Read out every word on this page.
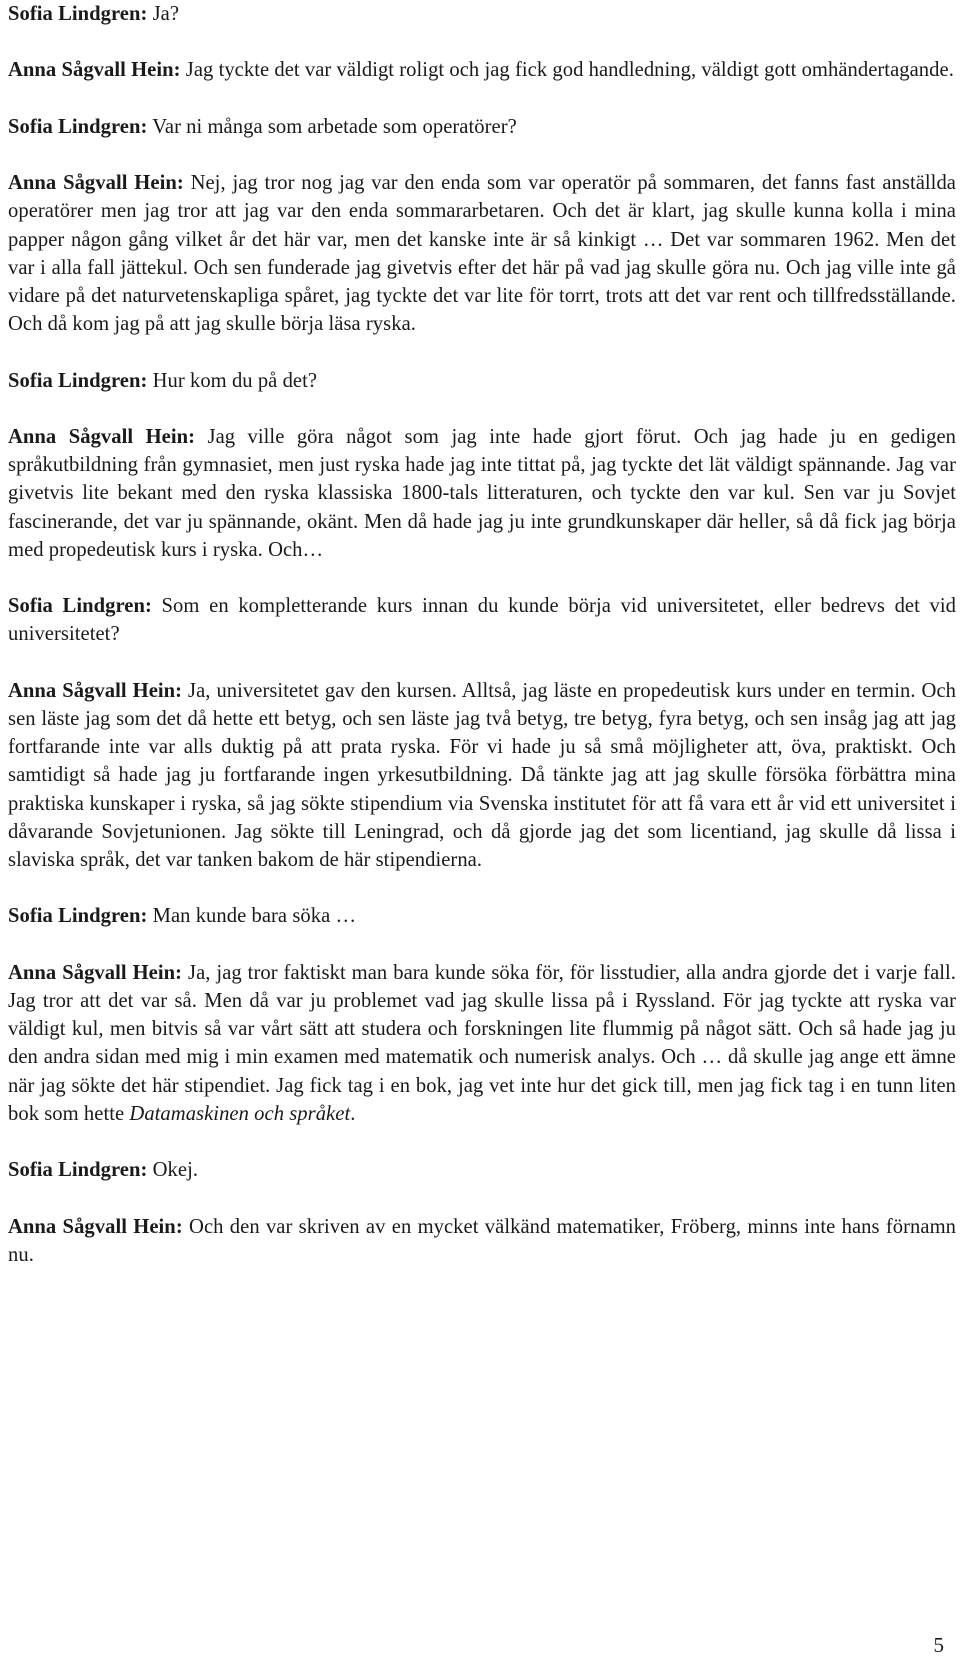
Sofia Lindgren: Ja?

Anna Sågvall Hein: Jag tyckte det var väldigt roligt och jag fick god handledning, väldigt gott omhändertagande.

Sofia Lindgren: Var ni många som arbetade som operatörer?

Anna Sågvall Hein: Nej, jag tror nog jag var den enda som var operatör på sommaren, det fanns fast anställda operatörer men jag tror att jag var den enda sommararbetaren. Och det är klart, jag skulle kunna kolla i mina papper någon gång vilket år det här var, men det kanske inte är så kinkigt … Det var sommaren 1962. Men det var i alla fall jättekul. Och sen funderade jag givetvis efter det här på vad jag skulle göra nu. Och jag ville inte gå vidare på det naturvetenskapliga spåret, jag tyckte det var lite för torrt, trots att det var rent och tillfredsställande. Och då kom jag på att jag skulle börja läsa ryska.

Sofia Lindgren: Hur kom du på det?

Anna Sågvall Hein: Jag ville göra något som jag inte hade gjort förut. Och jag hade ju en gedigen språkutbildning från gymnasiet, men just ryska hade jag inte tittat på, jag tyckte det lät väldigt spännande. Jag var givetvis lite bekant med den ryska klassiska 1800-tals litteraturen, och tyckte den var kul. Sen var ju Sovjet fascinerande, det var ju spännande, okänt. Men då hade jag ju inte grundkunskaper där heller, så då fick jag börja med propedeutisk kurs i ryska. Och…

Sofia Lindgren: Som en kompletterande kurs innan du kunde börja vid universitetet, eller bedrevs det vid universitetet?

Anna Sågvall Hein: Ja, universitetet gav den kursen. Alltså, jag läste en propedeutisk kurs under en termin. Och sen läste jag som det då hette ett betyg, och sen läste jag två betyg, tre betyg, fyra betyg, och sen insåg jag att jag fortfarande inte var alls duktig på att prata ryska. För vi hade ju så små möjligheter att, öva, praktiskt. Och samtidigt så hade jag ju fortfarande ingen yrkesutbildning. Då tänkte jag att jag skulle försöka förbättra mina praktiska kunskaper i ryska, så jag sökte stipendium via Svenska institutet för att få vara ett år vid ett universitet i dåvarande Sovjetunionen. Jag sökte till Leningrad, och då gjorde jag det som licentiand, jag skulle då lissa i slaviska språk, det var tanken bakom de här stipendierna.

Sofia Lindgren: Man kunde bara söka …

Anna Sågvall Hein: Ja, jag tror faktiskt man bara kunde söka för, för lisstudier, alla andra gjorde det i varje fall. Jag tror att det var så. Men då var ju problemet vad jag skulle lissa på i Ryssland. För jag tyckte att ryska var väldigt kul, men bitvis så var vårt sätt att studera och forskningen lite flummig på något sätt. Och så hade jag ju den andra sidan med mig i min examen med matematik och numerisk analys. Och … då skulle jag ange ett ämne när jag sökte det här stipendiet. Jag fick tag i en bok, jag vet inte hur det gick till, men jag fick tag i en tunn liten bok som hette Datamaskinen och språket.

Sofia Lindgren: Okej.

Anna Sågvall Hein: Och den var skriven av en mycket välkänd matematiker, Fröberg, minns inte hans förnamn nu.

5
